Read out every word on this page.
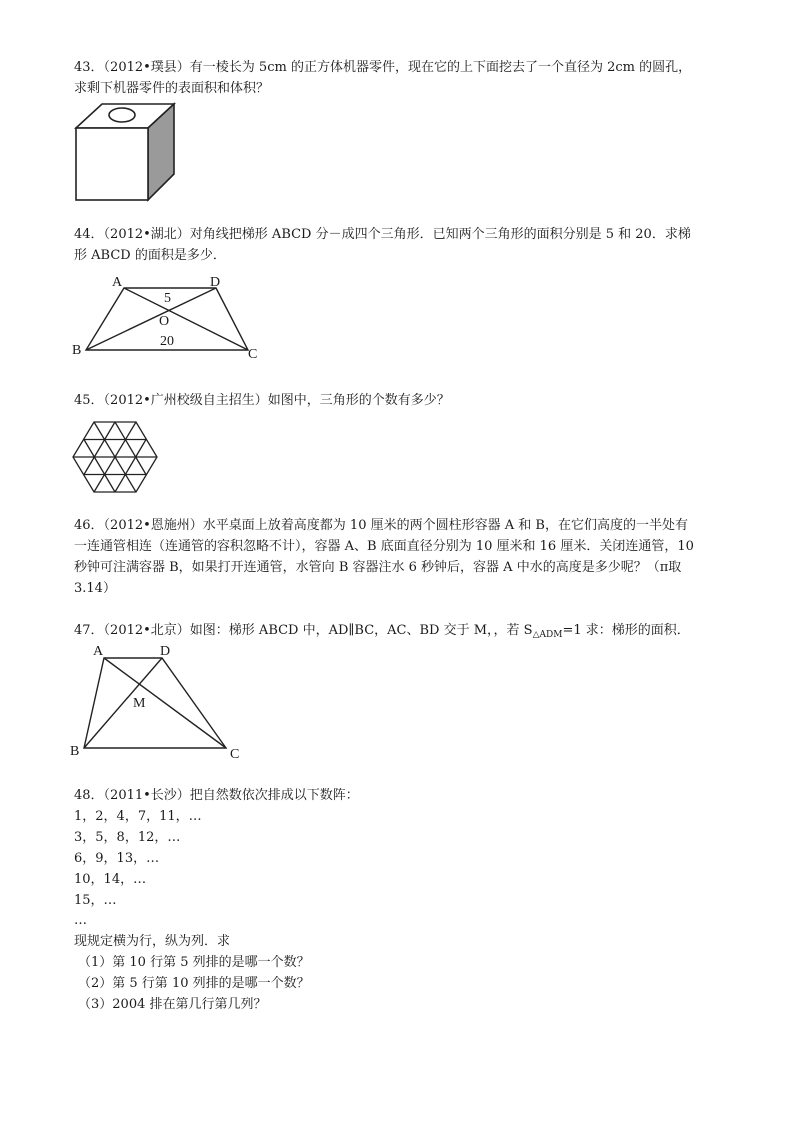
43．（2012•璞县）有一棱长为 5cm 的正方体机器零件，现在它的上下面挖去了一个直径为 2cm 的圆孔，
求剩下机器零件的表面积和体积？
44．（2012•湖北）对角线把梯形 ABCD 分－成四个三角形．已知两个三角形的面积分别是 5 和 20．求梯
形 ABCD 的面积是多少．
A	D
B	C
O
5
20
45．（2012•广州校级自主招生）如图中，三角形的个数有多少？
46．（2012•恩施州）水平桌面上放着高度都为 10 厘米的两个圆柱形容器 A 和 B，在它们高度的一半处有
一连通管相连（连通管的容积忽略不计），容器 A、B 底面直径分别为 10 厘米和 16 厘米．关闭连通管，10
秒钟可注满容器 B，如果打开连通管，水管向 B 容器注水 6 秒钟后，容器 A 中水的高度是多少呢？（π取
3.14）
47．（2012•北京）如图：梯形 ABCD 中，AD∥BC，AC、BD 交于 M，，若 $S_{\triangle ADM}=1$ 求：梯形的面积．
A	D
B	C
M
48．（2011•长沙）把自然数依次排成以下数阵：
1，2，4，7，11，…
3，5，8，12，…
6，9，13，…
10，14，…
15，…
…
现规定横为行，纵为列．求
（1）第 10 行第 5 列排的是哪一个数？
（2）第 5 行第 10 列排的是哪一个数？
（3）2004 排在第几行第几列？
